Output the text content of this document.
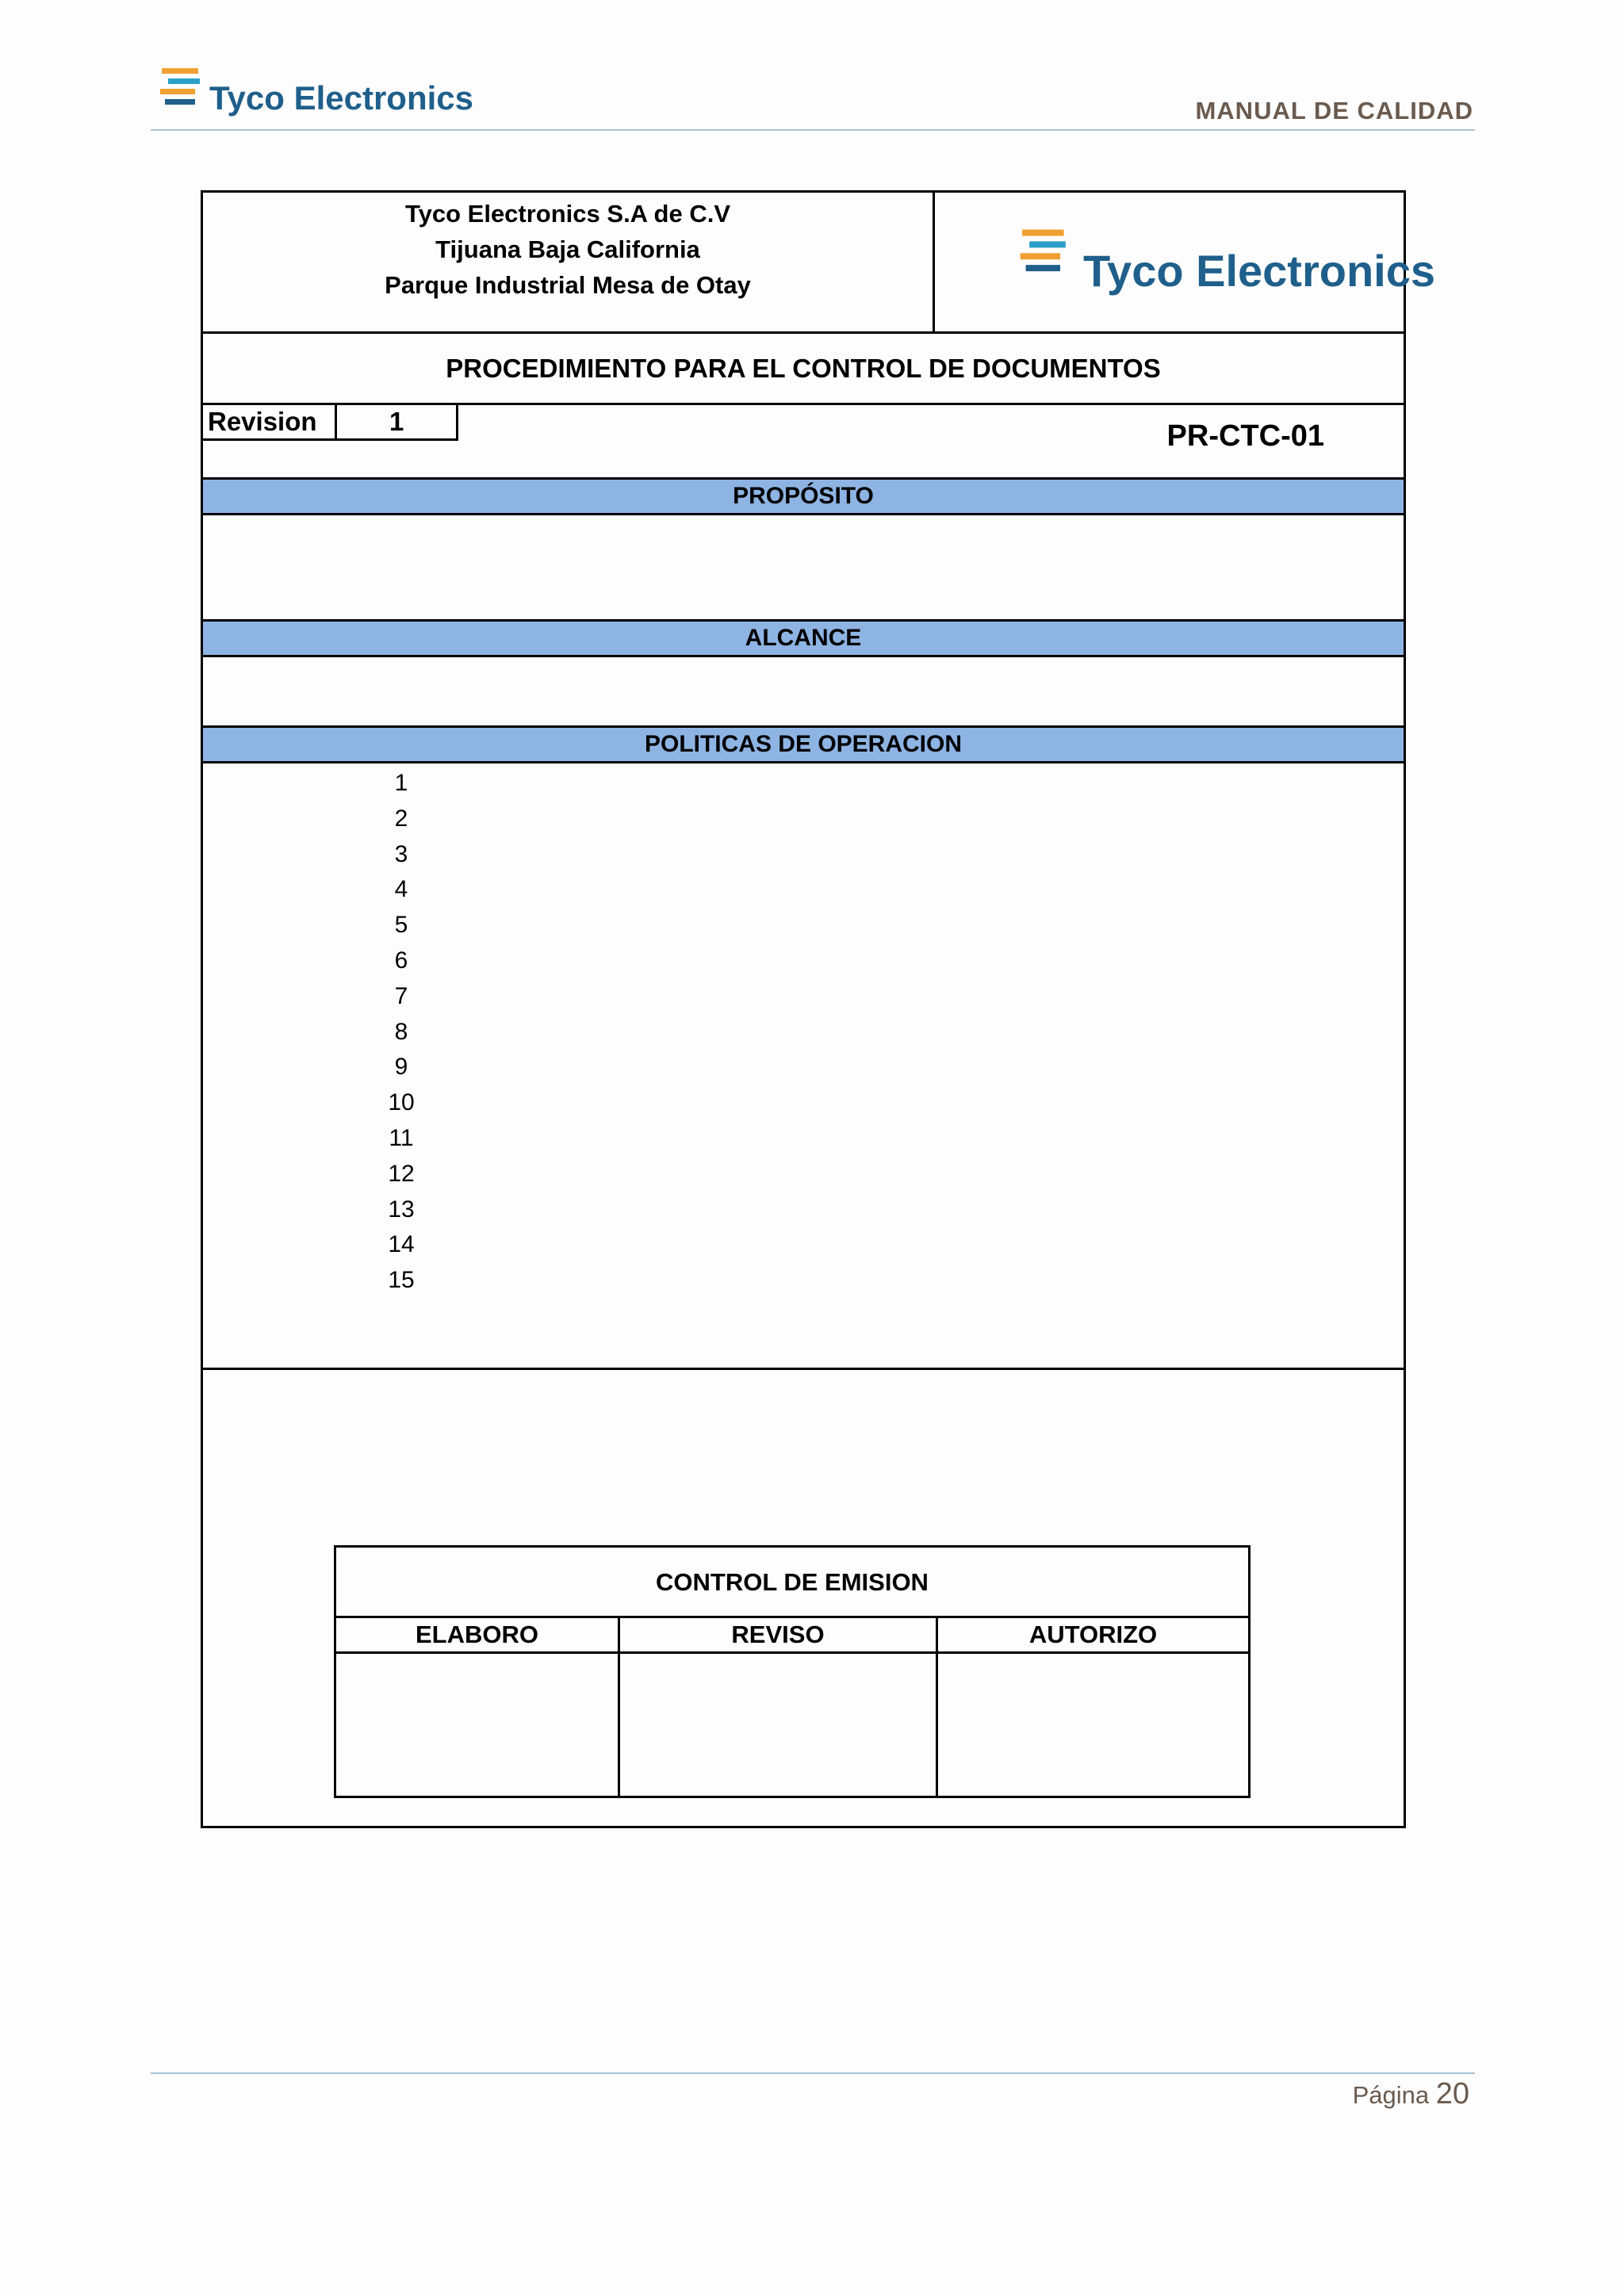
Tyco Electronics	MANUAL DE CALIDAD
Tyco Electronics S.A de C.V
Tijuana Baja California
Parque Industrial Mesa de Otay	Tyco Electronics
PROCEDIMIENTO PARA EL CONTROL DE DOCUMENTOS
Revision	1	PR-CTC-01
PROPÓSITO
ALCANCE
POLITICAS DE OPERACION
1
2
3
4
5
6
7
8
9
10
11
12
13
14
15
CONTROL DE EMISION
ELABORO	REVISO	AUTORIZO
Página 20
